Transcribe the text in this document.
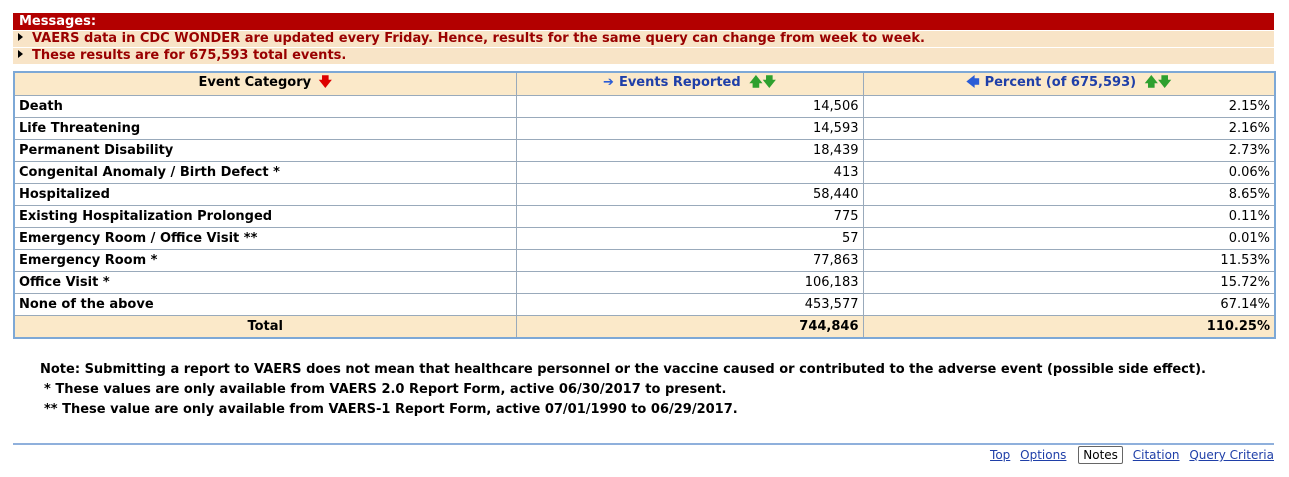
Messages:
VAERS data in CDC WONDER are updated every Friday. Hence, results for the same query can change from week to week.
These results are for 675,593 total events.
Event Category 🡇	➔ Events Reported 🡅🡇	🡄 Percent (of 675,593) 🡅🡇
Death	14,506	2.15%
Life Threatening	14,593	2.16%
Permanent Disability	18,439	2.73%
Congenital Anomaly / Birth Defect *	413	0.06%
Hospitalized	58,440	8.65%
Existing Hospitalization Prolonged	775	0.11%
Emergency Room / Office Visit **	57	0.01%
Emergency Room *	77,863	11.53%
Office Visit *	106,183	15.72%
None of the above	453,577	67.14%
Total	744,846	110.25%
Note: Submitting a report to VAERS does not mean that healthcare personnel or the vaccine caused or contributed to the adverse event (possible side effect).
* These values are only available from VAERS 2.0 Report Form, active 06/30/2017 to present.
** These value are only available from VAERS-1 Report Form, active 07/01/1990 to 06/29/2017.
Top Options Notes Citation Query Criteria
